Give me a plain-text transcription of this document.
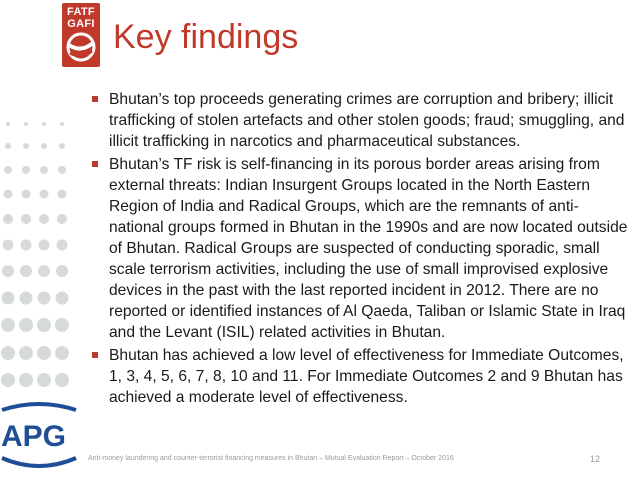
FATF
GAFI Key findings
APG
Bhutan’s top proceeds generating crimes are corruption and bribery; illicit trafficking of stolen artefacts and other stolen goods; fraud; smuggling, and illicit trafficking in narcotics and pharmaceutical substances.
Bhutan’s TF risk is self-financing in its porous border areas arising from external threats: Indian Insurgent Groups located in the North Eastern Region of India and Radical Groups, which are the remnants of anti-national groups formed in Bhutan in the 1990s and are now located outside of Bhutan. Radical Groups are suspected of conducting sporadic, small scale terrorism activities, including the use of small improvised explosive devices in the past with the last reported incident in 2012. There are no reported or identified instances of Al Qaeda, Taliban or Islamic State in Iraq and the Levant (ISIL) related activities in Bhutan.
Bhutan has achieved a low level of effectiveness for Immediate Outcomes, 1, 3, 4, 5, 6, 7, 8, 10 and 11. For Immediate Outcomes 2 and 9 Bhutan has achieved a moderate level of effectiveness.
Anti-money laundering and counter-terrorist financing measures in Bhutan – Mutual Evaluation Report – October 2016	12
